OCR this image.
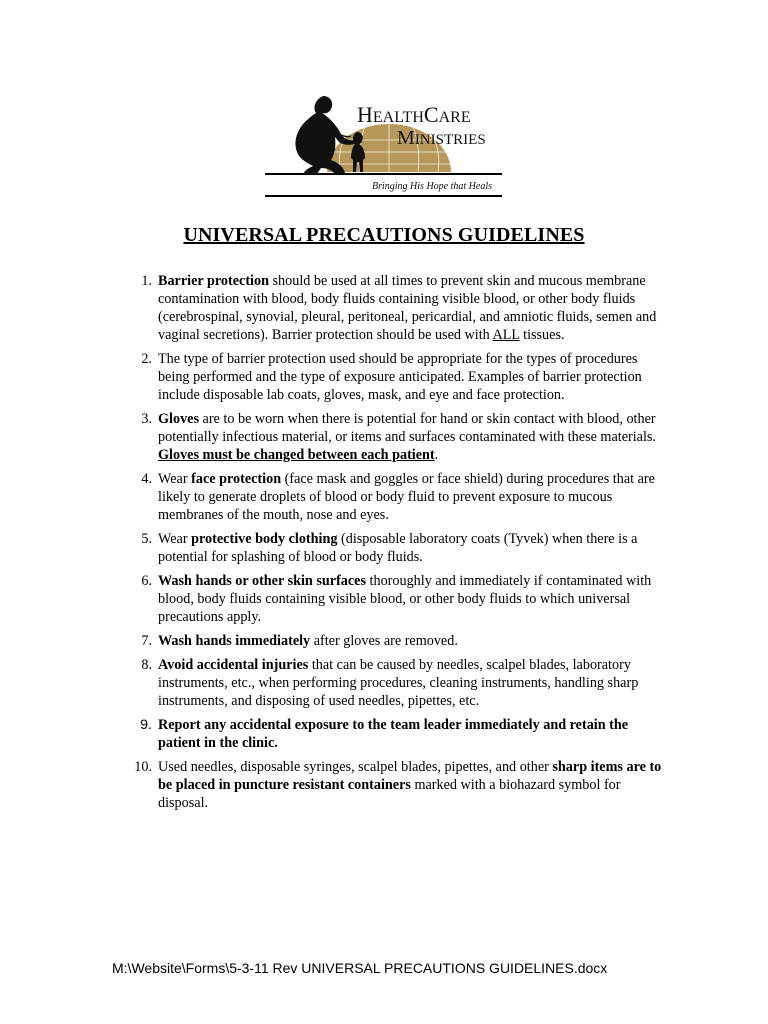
HEALTHCARE
MINISTRIES
Bringing His Hope that Heals
UNIVERSAL PRECAUTIONS GUIDELINES
1. Barrier protection should be used at all times to prevent skin and mucous membrane contamination with blood, body fluids containing visible blood, or other body fluids (cerebrospinal, synovial, pleural, peritoneal, pericardial, and amniotic fluids, semen and vaginal secretions). Barrier protection should be used with ALL tissues.
2. The type of barrier protection used should be appropriate for the types of procedures being performed and the type of exposure anticipated. Examples of barrier protection include disposable lab coats, gloves, mask, and eye and face protection.
3. Gloves are to be worn when there is potential for hand or skin contact with blood, other potentially infectious material, or items and surfaces contaminated with these materials. Gloves must be changed between each patient.
4. Wear face protection (face mask and goggles or face shield) during procedures that are likely to generate droplets of blood or body fluid to prevent exposure to mucous membranes of the mouth, nose and eyes.
5. Wear protective body clothing (disposable laboratory coats (Tyvek) when there is a potential for splashing of blood or body fluids.
6. Wash hands or other skin surfaces thoroughly and immediately if contaminated with blood, body fluids containing visible blood, or other body fluids to which universal precautions apply.
7. Wash hands immediately after gloves are removed.
8. Avoid accidental injuries that can be caused by needles, scalpel blades, laboratory instruments, etc., when performing procedures, cleaning instruments, handling sharp instruments, and disposing of used needles, pipettes, etc.
9. Report any accidental exposure to the team leader immediately and retain the patient in the clinic.
10. Used needles, disposable syringes, scalpel blades, pipettes, and other sharp items are to be placed in puncture resistant containers marked with a biohazard symbol for disposal.
M:\Website\Forms\5-3-11 Rev UNIVERSAL PRECAUTIONS GUIDELINES.docx
